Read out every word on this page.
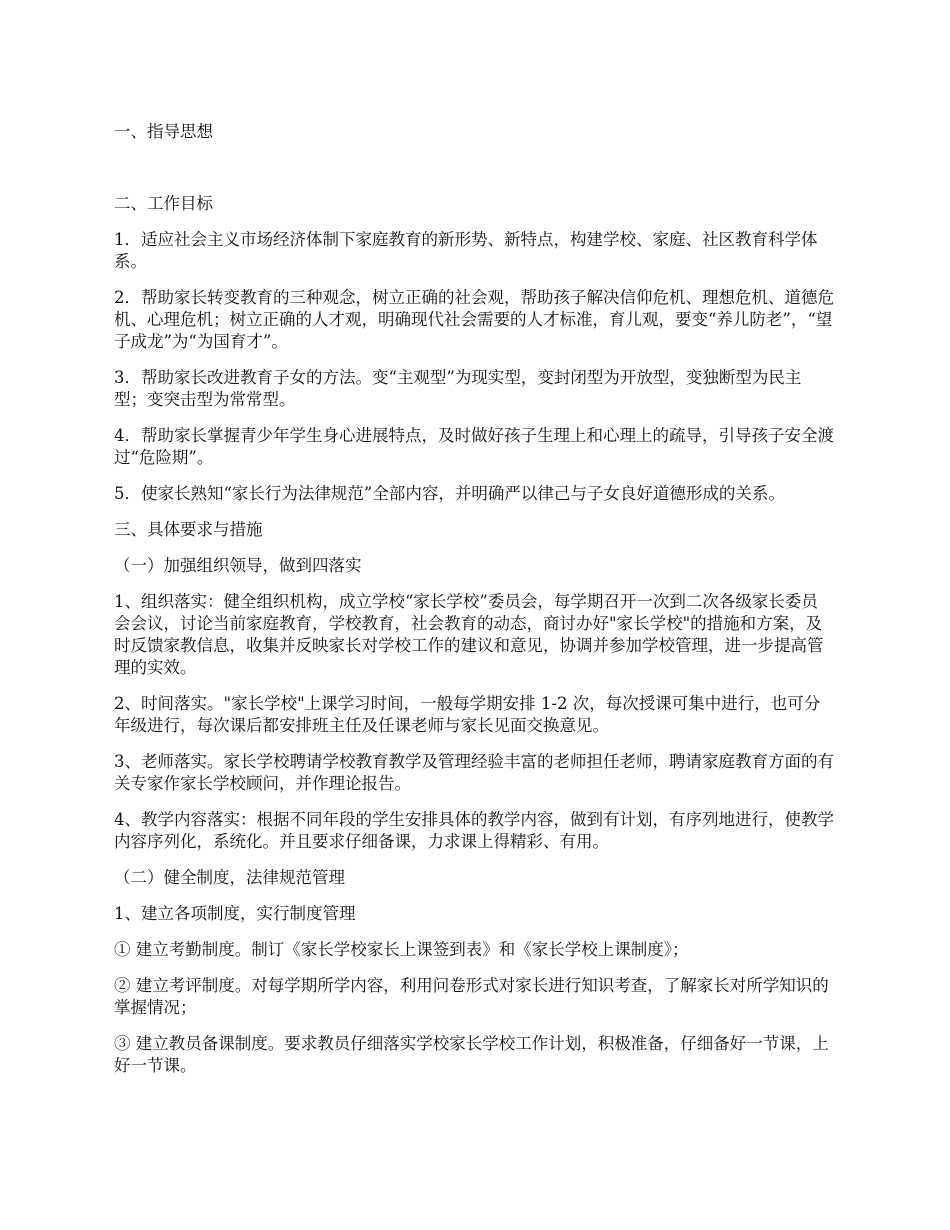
一、指导思想

二、工作目标

1．适应社会主义市场经济体制下家庭教育的新形势、新特点，构建学校、家庭、社区教育科学体系。

2．帮助家长转变教育的三种观念，树立正确的社会观，帮助孩子解决信仰危机、理想危机、道德危机、心理危机；树立正确的人才观，明确现代社会需要的人才标准，育儿观，要变“养儿防老”，“望子成龙”为“为国育才”。

3．帮助家长改进教育子女的方法。变“主观型”为现实型，变封闭型为开放型，变独断型为民主型；变突击型为常常型。

4．帮助家长掌握青少年学生身心进展特点，及时做好孩子生理上和心理上的疏导，引导孩子安全渡过“危险期”。

5．使家长熟知“家长行为法律规范”全部内容，并明确严以律己与子女良好道德形成的关系。

三、具体要求与措施

（一）加强组织领导，做到四落实

1、组织落实：健全组织机构，成立学校“家长学校”委员会，每学期召开一次到二次各级家长委员会会议，讨论当前家庭教育，学校教育，社会教育的动态，商讨办好"家长学校"的措施和方案，及时反馈家教信息，收集并反映家长对学校工作的建议和意见，协调并参加学校管理，进一步提高管理的实效。

2、时间落实。"家长学校"上课学习时间，一般每学期安排 1-2 次，每次授课可集中进行，也可分年级进行，每次课后都安排班主任及任课老师与家长见面交换意见。

3、老师落实。家长学校聘请学校教育教学及管理经验丰富的老师担任老师，聘请家庭教育方面的有关专家作家长学校顾问，并作理论报告。

4、教学内容落实：根据不同年段的学生安排具体的教学内容，做到有计划，有序列地进行，使教学内容序列化，系统化。并且要求仔细备课，力求课上得精彩、有用。

（二）健全制度，法律规范管理

1、建立各项制度，实行制度管理

① 建立考勤制度。制订《家长学校家长上课签到表》和《家长学校上课制度》；

② 建立考评制度。对每学期所学内容，利用问卷形式对家长进行知识考查，了解家长对所学知识的掌握情况；

③ 建立教员备课制度。要求教员仔细落实学校家长学校工作计划，积极准备，仔细备好一节课，上好一节课。
